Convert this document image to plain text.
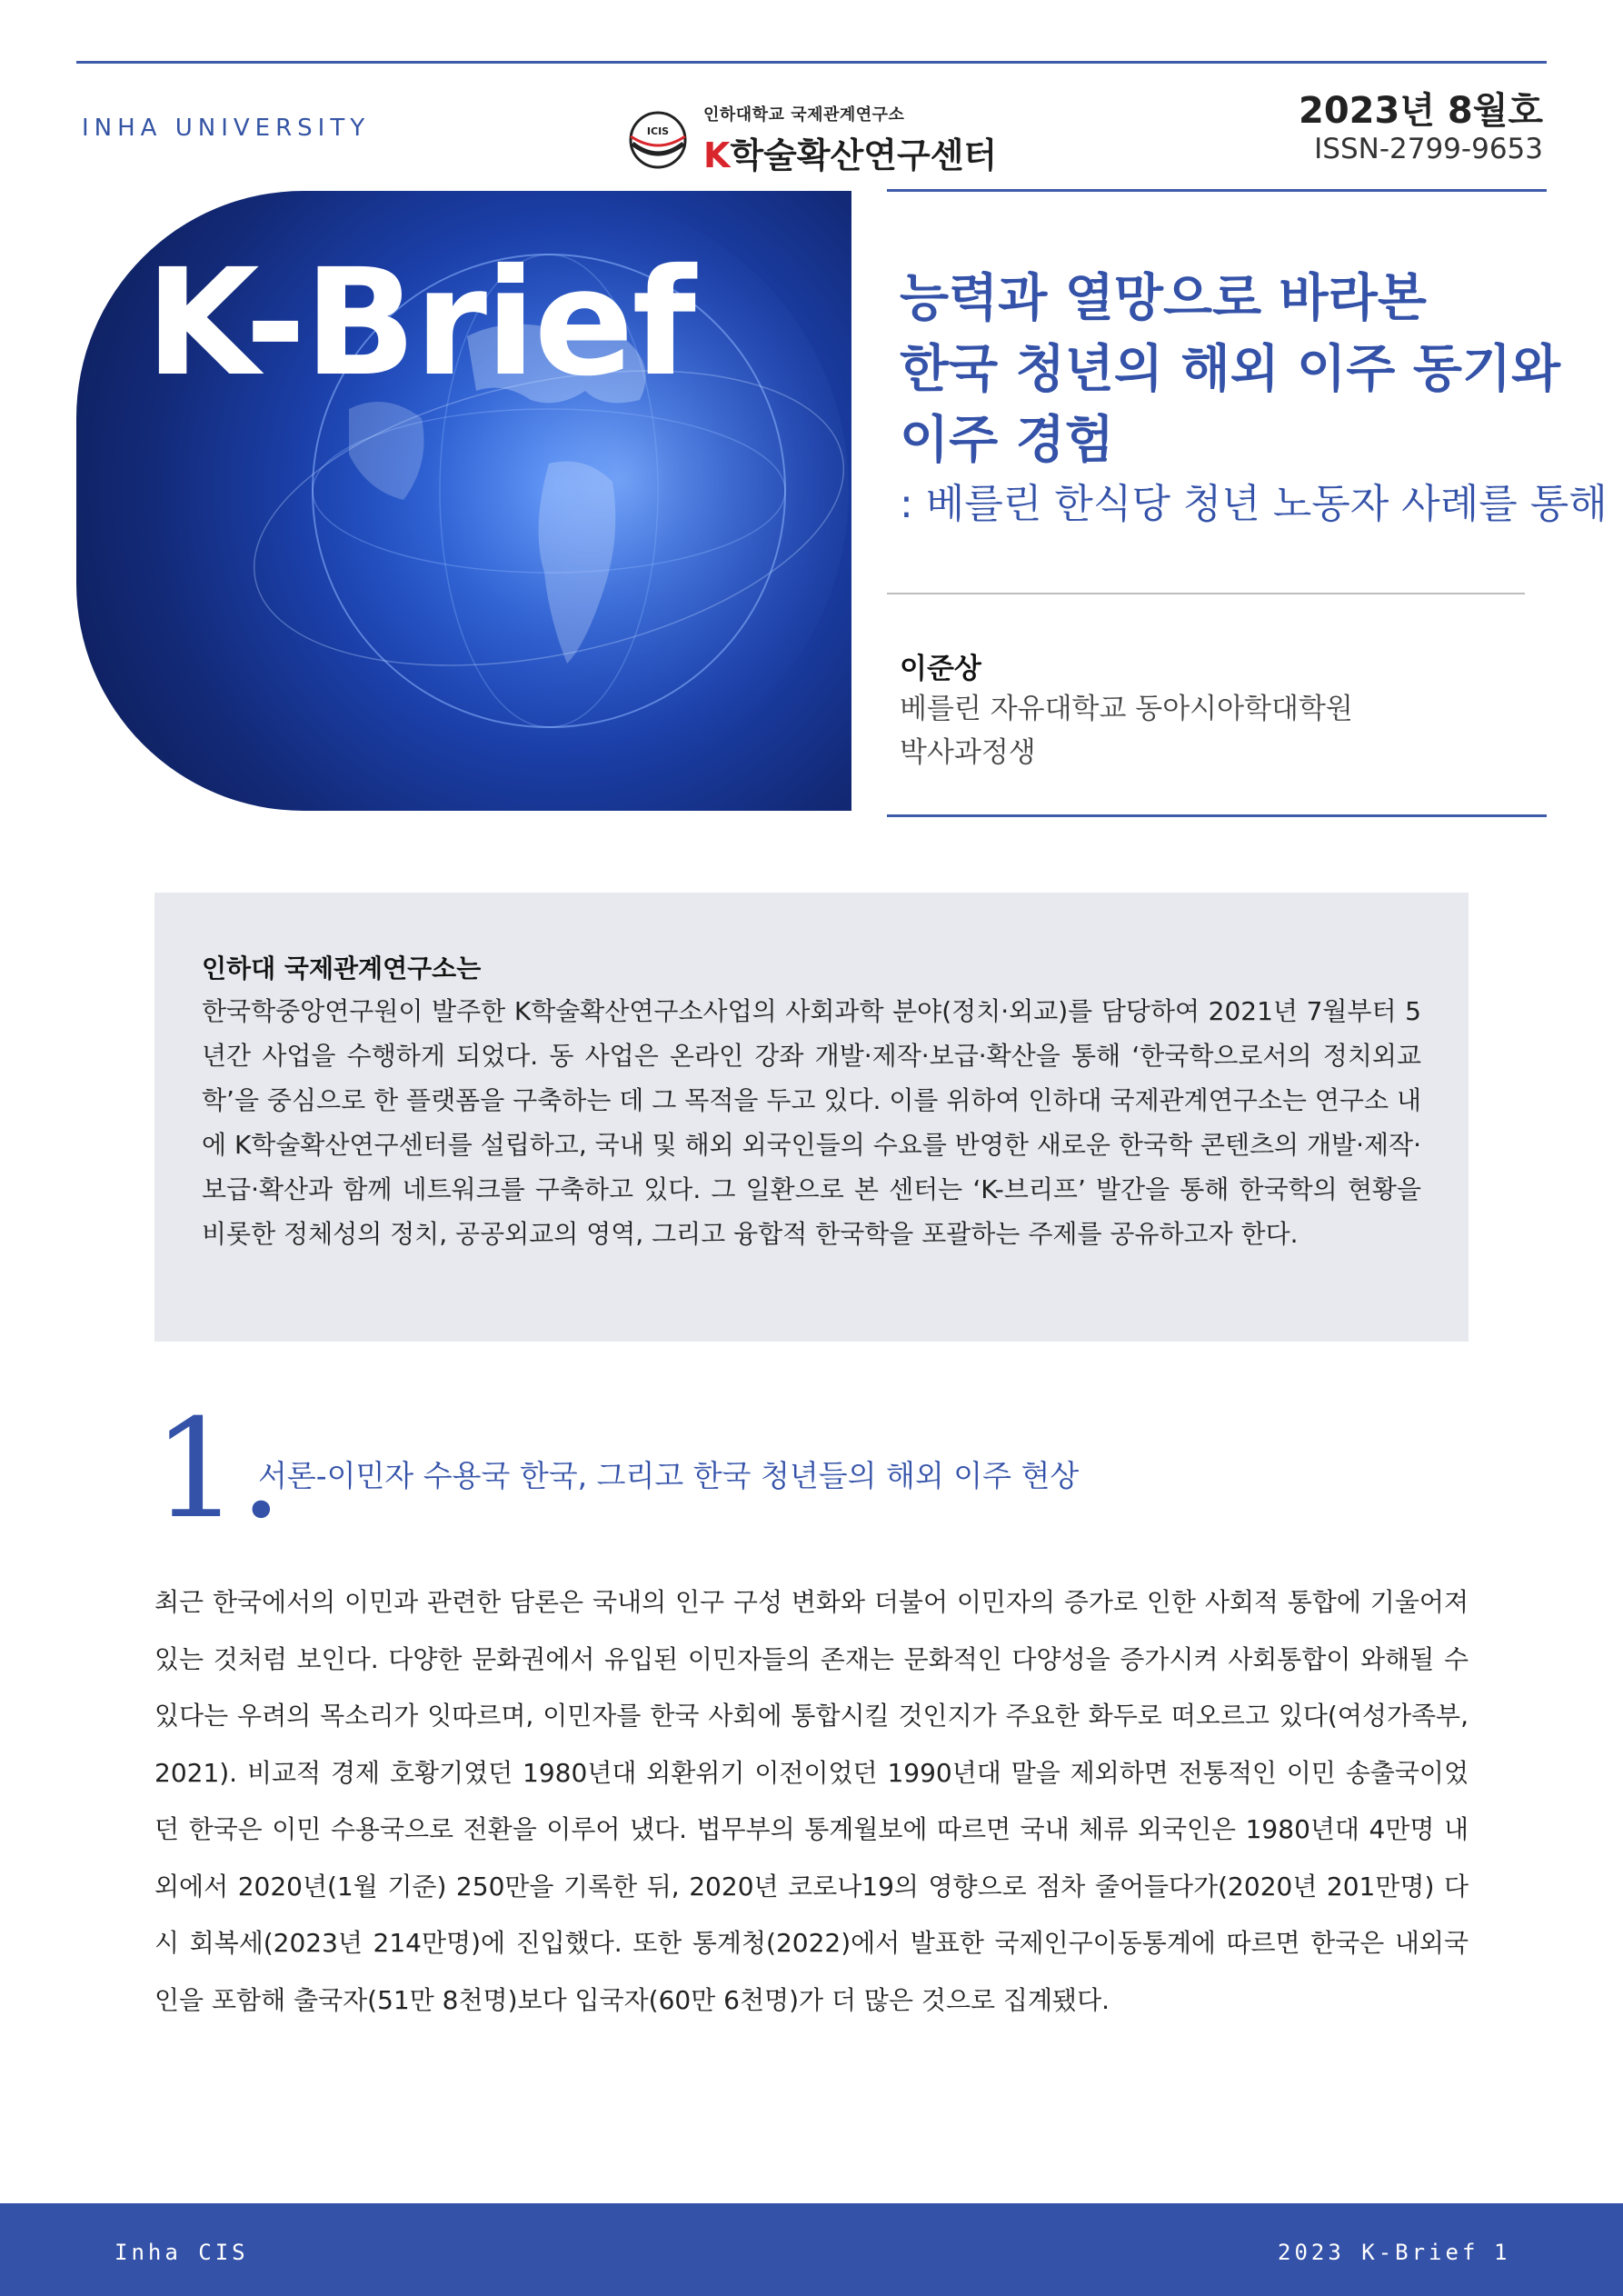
INHA UNIVERSITY	ICIS
인하대학교 국제관계연구소
K학술확산연구센터
2023년 8월호
ISSN-2799-9653
K-Brief	능력과 열망으로 바라본
한국 청년의 해외 이주 동기와
이주 경험
: 베를린 한식당 청년 노동자 사례를 통해
이준상
베를린 자유대학교 동아시아학대학원
박사과정생
인하대 국제관계연구소는
한국학중앙연구원이 발주한 K학술확산연구소사업의 사회과학 분야(정치·외교)를 담당하여 2021년 7월부터 5년간 사업을 수행하게 되었다. 동 사업은 온라인 강좌 개발·제작·보급·확산을 통해 ‘한국학으로서의 정치외교학’을 중심으로 한 플랫폼을 구축하는 데 그 목적을 두고 있다. 이를 위하여 인하대 국제관계연구소는 연구소 내에 K학술확산연구센터를 설립하고, 국내 및 해외 외국인들의 수요를 반영한 새로운 한국학 콘텐츠의 개발·제작·보급·확산과 함께 네트워크를 구축하고 있다. 그 일환으로 본 센터는 ‘K-브리프’ 발간을 통해 한국학의 현황을 비롯한 정체성의 정치, 공공외교의 영역, 그리고 융합적 한국학을 포괄하는 주제를 공유하고자 한다.
1.
서론-이민자 수용국 한국, 그리고 한국 청년들의 해외 이주 현상
최근 한국에서의 이민과 관련한 담론은 국내의 인구 구성 변화와 더불어 이민자의 증가로 인한 사회적 통합에 기울어져 있는 것처럼 보인다. 다양한 문화권에서 유입된 이민자들의 존재는 문화적인 다양성을 증가시켜 사회통합이 와해될 수 있다는 우려의 목소리가 잇따르며, 이민자를 한국 사회에 통합시킬 것인지가 주요한 화두로 떠오르고 있다(여성가족부, 2021). 비교적 경제 호황기였던 1980년대 외환위기 이전이었던 1990년대 말을 제외하면 전통적인 이민 송출국이었던 한국은 이민 수용국으로 전환을 이루어 냈다. 법무부의 통계월보에 따르면 국내 체류 외국인은 1980년대 4만명 내외에서 2020년(1월 기준) 250만을 기록한 뒤, 2020년 코로나19의 영향으로 점차 줄어들다가(2020년 201만명) 다시 회복세(2023년 214만명)에 진입했다. 또한 통계청(2022)에서 발표한 국제인구이동통계에 따르면 한국은 내외국인을 포함해 출국자(51만 8천명)보다 입국자(60만 6천명)가 더 많은 것으로 집계됐다.
Inha CIS	2023 K-Brief 1
